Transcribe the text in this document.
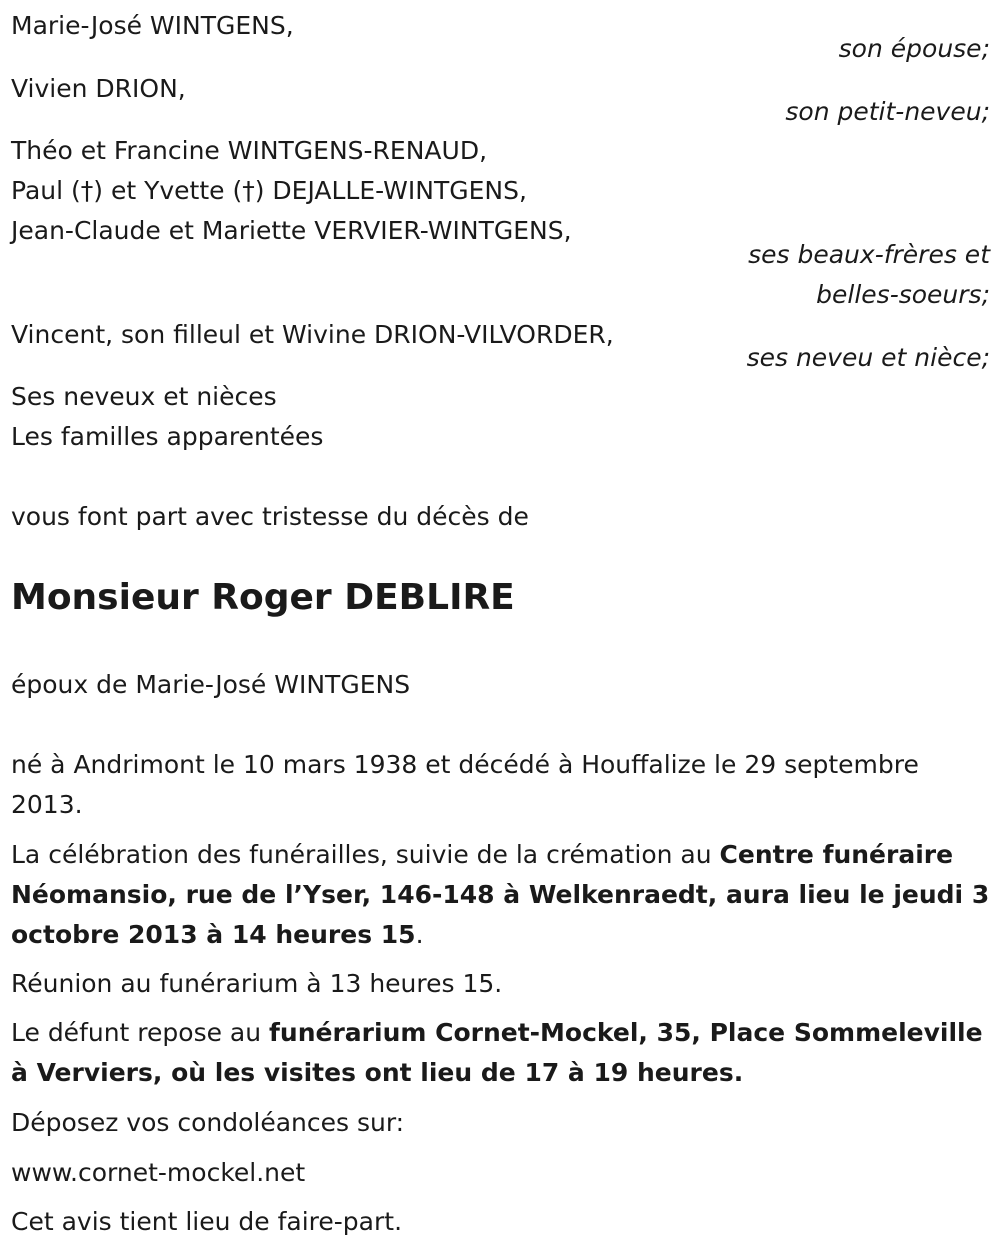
Marie-José WINTGENS,
son épouse;
Vivien DRION,
son petit-neveu;
Théo et Francine WINTGENS-RENAUD,
Paul (†) et Yvette (†) DEJALLE-WINTGENS,
Jean-Claude et Mariette VERVIER-WINTGENS,
ses beaux-frères et
belles-soeurs;
Vincent, son filleul et Wivine DRION-VILVORDER,
ses neveu et nièce;
Ses neveux et nièces
Les familles apparentées
vous font part avec tristesse du décès de
Monsieur Roger DEBLIRE
époux de Marie-José WINTGENS
né à Andrimont le 10 mars 1938 et décédé à Houffalize le 29 septembre 2013.
La célébration des funérailles, suivie de la crémation au Centre funéraire Néomansio, rue de l’Yser, 146-148 à Welkenraedt, aura lieu le jeudi 3 octobre 2013 à 14 heures 15.
Réunion au funérarium à 13 heures 15.
Le défunt repose au funérarium Cornet-Mockel, 35, Place Sommeleville à Verviers, où les visites ont lieu de 17 à 19 heures.
Déposez vos condoléances sur:
www.cornet-mockel.net
Cet avis tient lieu de faire-part.
